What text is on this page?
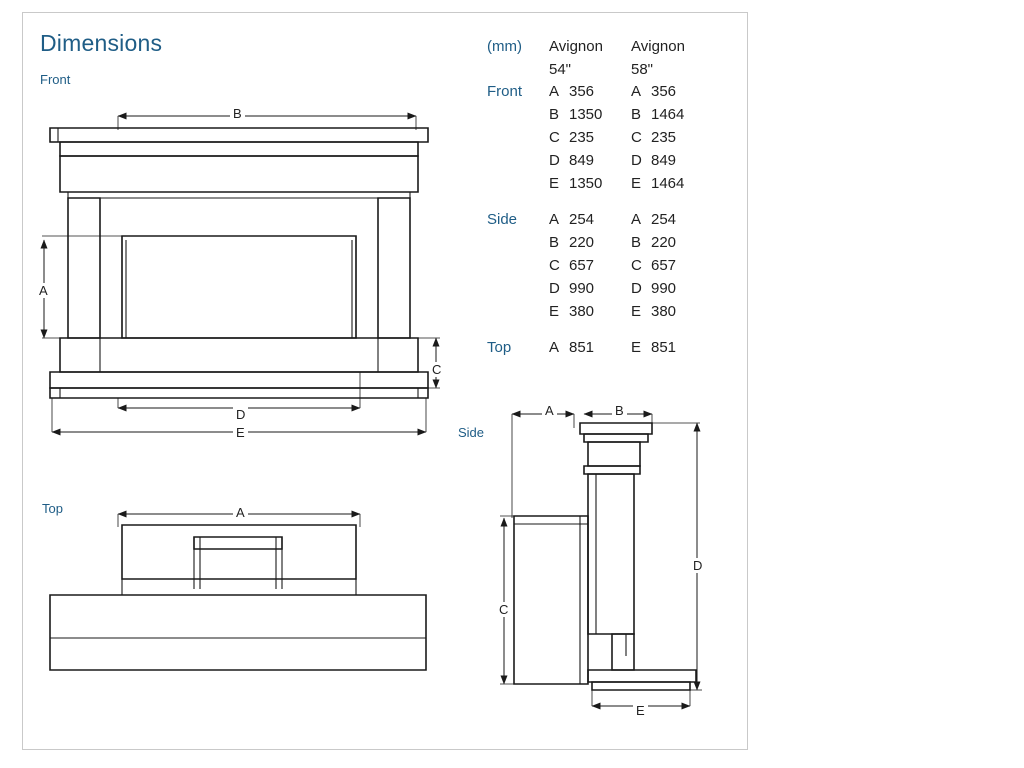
Dimensions	(mm)	Avignon Avignon
54"	58"
Front	A 356 A 356
B 1350 B 1464
C 235 C 235
D 849 D 849
E 1350 E 1464
Side	A 254 A 254
B 220 B 220
C 657 C 657
D 990 D 990
E 380 E 380
Top	A 851 E 851
Front
B
A
C
D
E
Top	A
Side
A	B
C
D
E
